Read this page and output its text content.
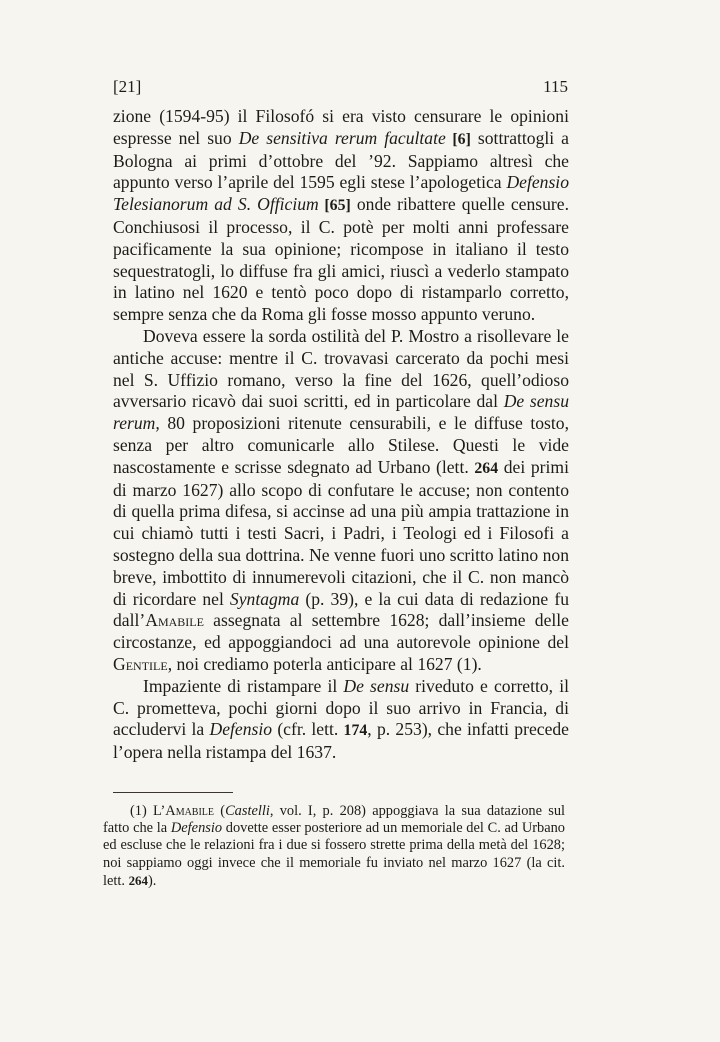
[21]	115

zione (1594-95) il Filosofó si era visto censurare le opinioni espresse nel suo De sensitiva rerum facultate [6] sottrattogli a Bologna ai primi d’ottobre del ’92. Sappiamo altresì che appunto verso l’aprile del 1595 egli stese l’apologetica Defensio Telesianorum ad S. Officium [65] onde ribattere quelle censure. Conchiusosi il processo, il C. potè per molti anni professare pacificamente la sua opinione; ricompose in italiano il testo sequestratogli, lo diffuse fra gli amici, riuscì a vederlo stampato in latino nel 1620 e tentò poco dopo di ristamparlo corretto, sempre senza che da Roma gli fosse mosso appunto veruno.

Doveva essere la sorda ostilità del P. Mostro a risollevare le antiche accuse: mentre il C. trovavasi carcerato da pochi mesi nel S. Uffizio romano, verso la fine del 1626, quell’odioso avversario ricavò dai suoi scritti, ed in particolare dal De sensu rerum, 80 proposizioni ritenute censurabili, e le diffuse tosto, senza per altro comunicarle allo Stilese. Questi le vide nascostamente e scrisse sdegnato ad Urbano (lett. 264 dei primi di marzo 1627) allo scopo di confutare le accuse; non contento di quella prima difesa, si accinse ad una più ampia trattazione in cui chiamò tutti i testi Sacri, i Padri, i Teologi ed i Filosofi a sostegno della sua dottrina. Ne venne fuori uno scritto latino non breve, imbottito di innumerevoli citazioni, che il C. non mancò di ricordare nel Syntagma (p. 39), e la cui data di redazione fu dall’Amabile assegnata al settembre 1628; dall’insieme delle circostanze, ed appoggiandoci ad una autorevole opinione del Gentile, noi crediamo poterla anticipare al 1627 (1).

Impaziente di ristampare il De sensu riveduto e corretto, il C. prometteva, pochi giorni dopo il suo arrivo in Francia, di accludervi la Defensio (cfr. lett. 174, p. 253), che infatti precede l’opera nella ristampa del 1637.

(1) L’Amabile (Castelli, vol. I, p. 208) appoggiava la sua datazione sul fatto che la Defensio dovette esser posteriore ad un memoriale del C. ad Urbano ed escluse che le relazioni fra i due si fossero strette prima della metà del 1628; noi sappiamo oggi invece che il memoriale fu inviato nel marzo 1627 (la cit. lett. 264).
